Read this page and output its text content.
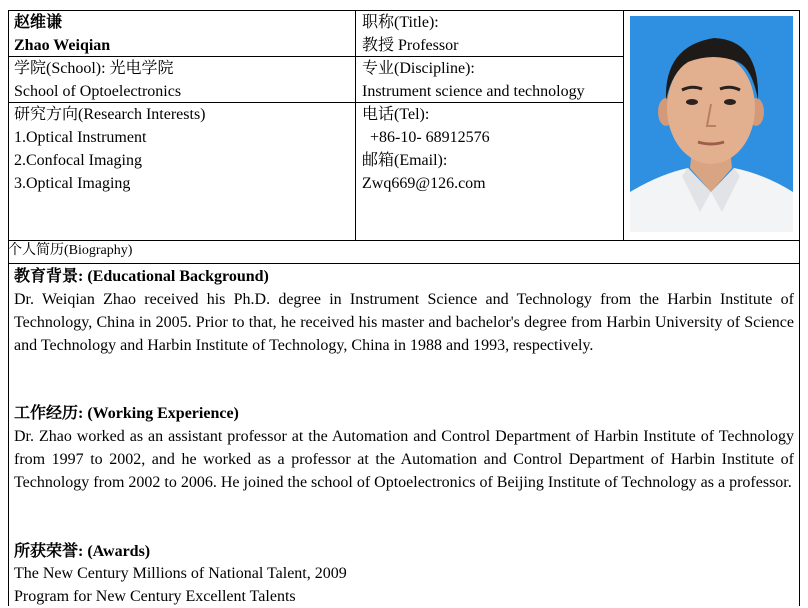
赵维谦
Zhao Weiqian
职称(Title):
教授 Professor
学院(School): 光电学院
School of Optoelectronics
专业(Discipline):
Instrument science and technology
研究方向(Research Interests)
1.Optical Instrument
2.Confocal Imaging
3.Optical Imaging
电话(Tel):
+86-10- 68912576
邮箱(Email):
Zwq669@126.com
个人简历(Biography)
教育背景: (Educational Background)
Dr. Weiqian Zhao received his Ph.D. degree in Instrument Science and Technology from the Harbin Institute of Technology, China in 2005. Prior to that, he received his master and bachelor's degree from Harbin University of Science and Technology and Harbin Institute of Technology, China in 1988 and 1993, respectively.
工作经历: (Working Experience)
Dr. Zhao worked as an assistant professor at the Automation and Control Department of Harbin Institute of Technology from 1997 to 2002, and he worked as a professor at the Automation and Control Department of Harbin Institute of Technology from 2002 to 2006. He joined the school of Optoelectronics of Beijing Institute of Technology as a professor.
所获荣誉: (Awards)
The New Century Millions of National Talent, 2009
Program for New Century Excellent Talents
